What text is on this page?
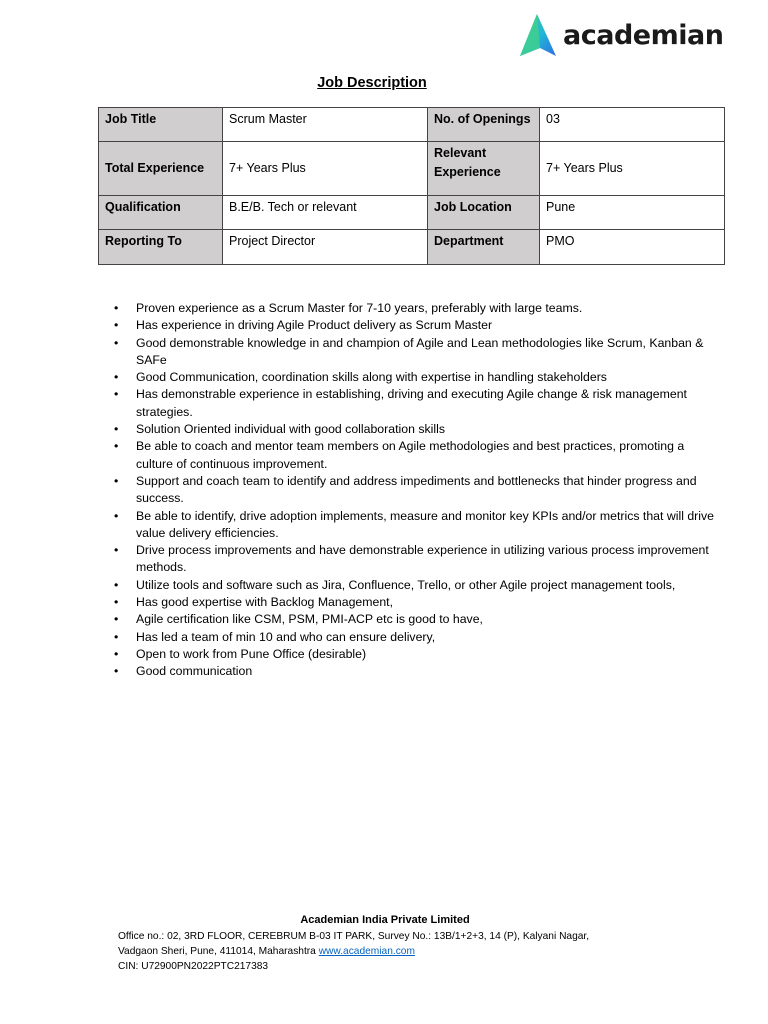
academian
Job Description
Job Title	Scrum Master	No. of Openings	03
Total Experience	7+ Years Plus	Relevant Experience	7+ Years Plus
Qualification	B.E/B. Tech or relevant	Job Location	Pune
Reporting To	Project Director	Department	PMO
• Proven experience as a Scrum Master for 7-10 years, preferably with large teams.
• Has experience in driving Agile Product delivery as Scrum Master
• Good demonstrable knowledge in and champion of Agile and Lean methodologies like Scrum, Kanban & SAFe
• Good Communication, coordination skills along with expertise in handling stakeholders
• Has demonstrable experience in establishing, driving and executing Agile change & risk management strategies.
• Solution Oriented individual with good collaboration skills
• Be able to coach and mentor team members on Agile methodologies and best practices, promoting a culture of continuous improvement.
• Support and coach team to identify and address impediments and bottlenecks that hinder progress and success.
• Be able to identify, drive adoption implements, measure and monitor key KPIs and/or metrics that will drive value delivery efficiencies.
• Drive process improvements and have demonstrable experience in utilizing various process improvement methods.
• Utilize tools and software such as Jira, Confluence, Trello, or other Agile project management tools,
• Has good expertise with Backlog Management,
• Agile certification like CSM, PSM, PMI-ACP etc is good to have,
• Has led a team of min 10 and who can ensure delivery,
• Open to work from Pune Office (desirable)
• Good communication
Academian India Private Limited
Office no.: 02, 3RD FLOOR, CEREBRUM B-03 IT PARK, Survey No.: 13B/1+2+3, 14 (P), Kalyani Nagar,
Vadgaon Sheri, Pune, 411014, Maharashtra www.academian.com
CIN: U72900PN2022PTC217383
